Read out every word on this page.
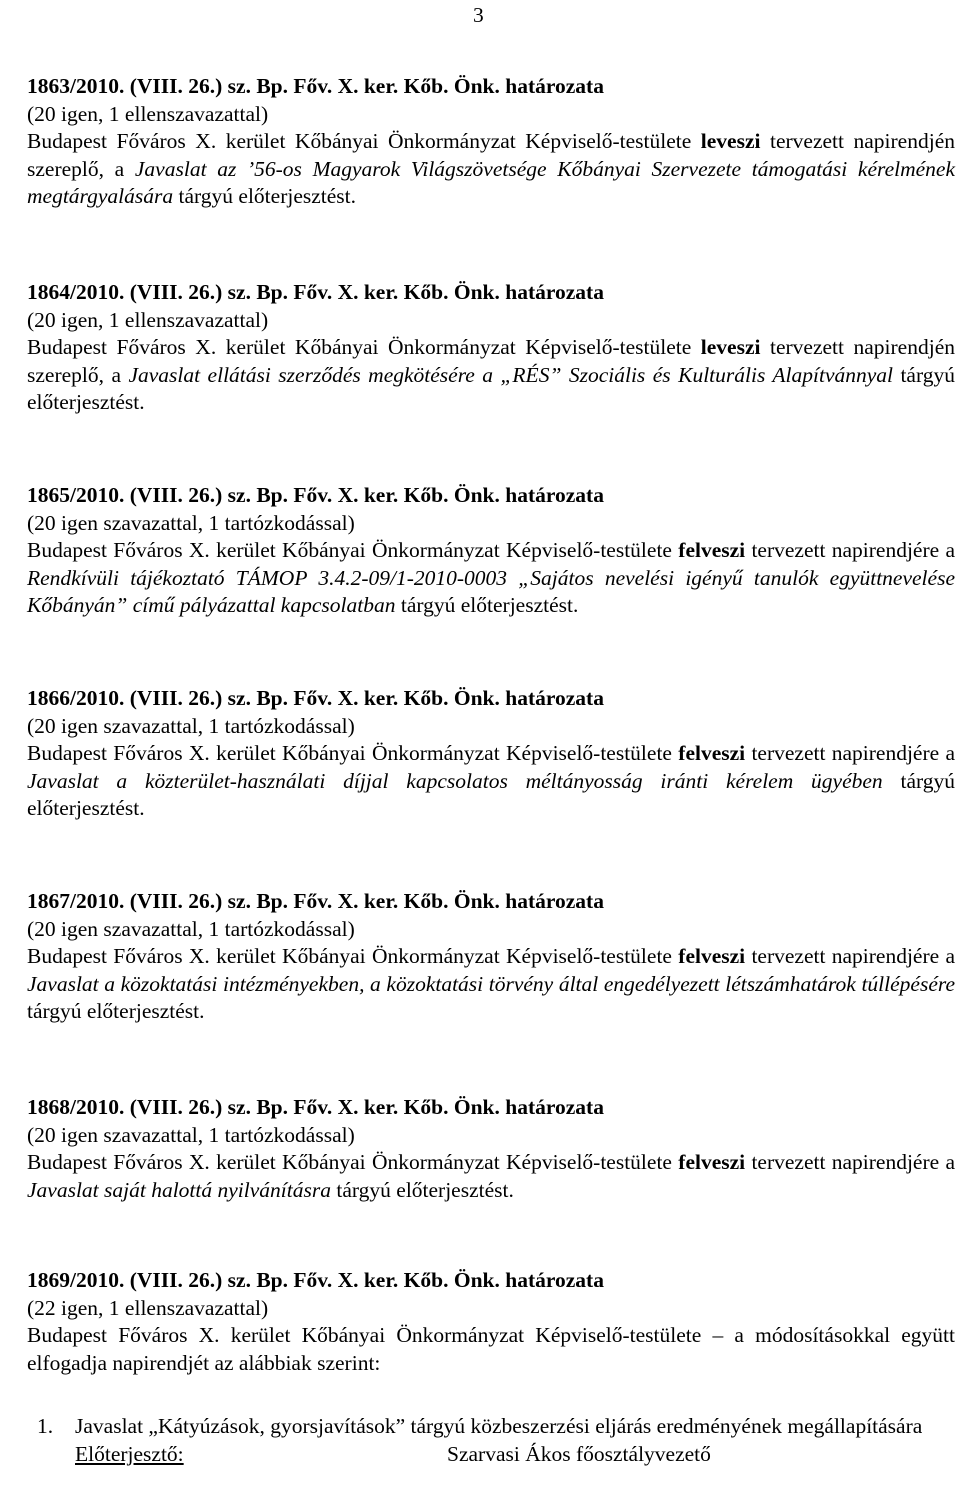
3

1863/2010. (VIII. 26.) sz. Bp. Főv. X. ker. Kőb. Önk. határozata

(20 igen, 1 ellenszavazattal)

Budapest Főváros X. kerület Kőbányai Önkormányzat Képviselő-testülete leveszi tervezett napirendjén szereplő, a Javaslat az ’56-os Magyarok Világszövetsége Kőbányai Szervezete támogatási kérelmének megtárgyalására tárgyú előterjesztést.

1864/2010. (VIII. 26.) sz. Bp. Főv. X. ker. Kőb. Önk. határozata

(20 igen, 1 ellenszavazattal)

Budapest Főváros X. kerület Kőbányai Önkormányzat Képviselő-testülete leveszi tervezett napirendjén szereplő, a Javaslat ellátási szerződés megkötésére a „RÉS” Szociális és Kulturális Alapítvánnyal tárgyú előterjesztést.

1865/2010. (VIII. 26.) sz. Bp. Főv. X. ker. Kőb. Önk. határozata

(20 igen szavazattal, 1 tartózkodással)

Budapest Főváros X. kerület Kőbányai Önkormányzat Képviselő-testülete felveszi tervezett napirendjére a Rendkívüli tájékoztató TÁMOP 3.4.2-09/1-2010-0003 „Sajátos nevelési igényű tanulók együttnevelése Kőbányán” című pályázattal kapcsolatban tárgyú előterjesztést.

1866/2010. (VIII. 26.) sz. Bp. Főv. X. ker. Kőb. Önk. határozata

(20 igen szavazattal, 1 tartózkodással)

Budapest Főváros X. kerület Kőbányai Önkormányzat Képviselő-testülete felveszi tervezett napirendjére a Javaslat a közterület-használati díjjal kapcsolatos méltányosság iránti kérelem ügyében tárgyú előterjesztést.

1867/2010. (VIII. 26.) sz. Bp. Főv. X. ker. Kőb. Önk. határozata

(20 igen szavazattal, 1 tartózkodással)

Budapest Főváros X. kerület Kőbányai Önkormányzat Képviselő-testülete felveszi tervezett napirendjére a Javaslat a közoktatási intézményekben, a közoktatási törvény által engedélyezett létszámhatárok túllépésére tárgyú előterjesztést.

1868/2010. (VIII. 26.) sz. Bp. Főv. X. ker. Kőb. Önk. határozata

(20 igen szavazattal, 1 tartózkodással)

Budapest Főváros X. kerület Kőbányai Önkormányzat Képviselő-testülete felveszi tervezett napirendjére a Javaslat saját halottá nyilvánításra tárgyú előterjesztést.

1869/2010. (VIII. 26.) sz. Bp. Főv. X. ker. Kőb. Önk. határozata

(22 igen, 1 ellenszavazattal)

Budapest Főváros X. kerület Kőbányai Önkormányzat Képviselő-testülete – a módosításokkal együtt elfogadja napirendjét az alábbiak szerint:

1. Javaslat „Kátyúzások, gyorsjavítások” tárgyú közbeszerzési eljárás eredményének megállapítására

Előterjesztő:	Szarvasi Ákos főosztályvezető
